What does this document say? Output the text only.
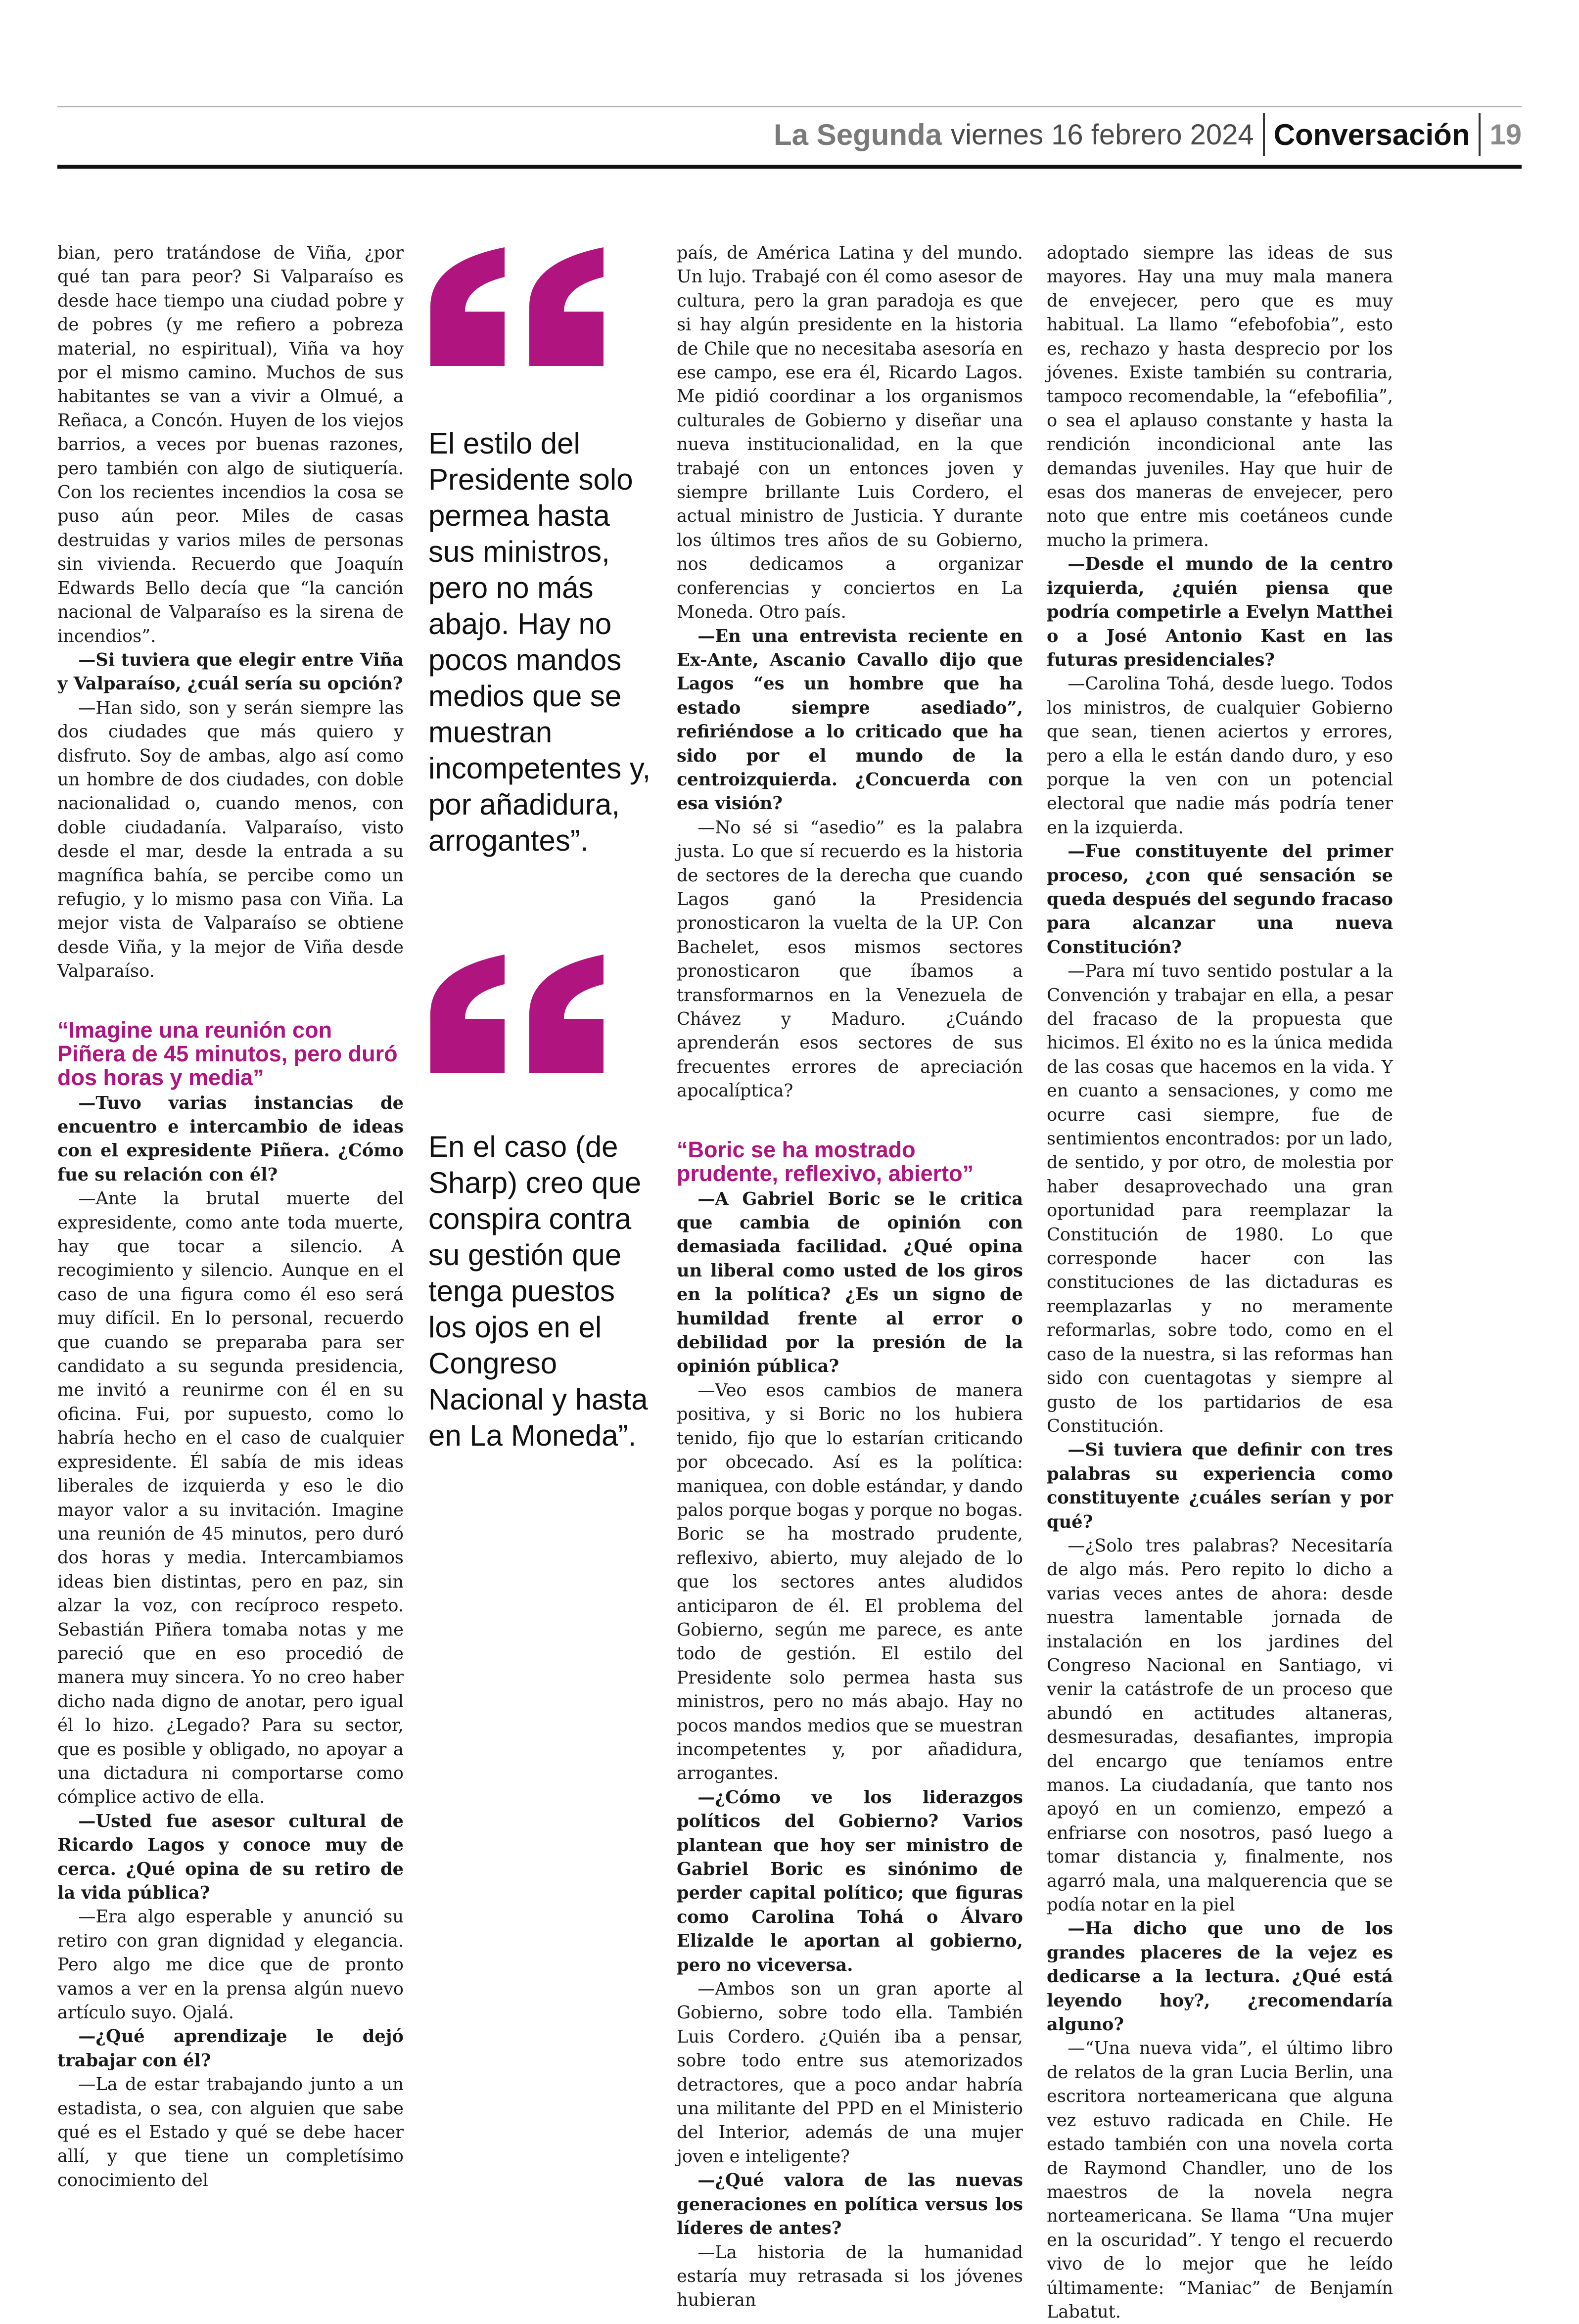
La Segunda viernes 16 febrero 2024 Conversación 19

bian, pero tratándose de Viña, ¿por qué tan para peor? Si Valparaíso es desde hace tiempo una ciudad pobre y de pobres (y me refiero a pobreza material, no espiritual), Viña va hoy por el mismo camino. Muchos de sus habitantes se van a vivir a Olmué, a Reñaca, a Concón. Huyen de los viejos barrios, a veces por buenas razones, pero también con algo de siutiquería. Con los recientes incendios la cosa se puso aún peor. Miles de casas destruidas y varios miles de personas sin vivienda. Recuerdo que Joaquín Edwards Bello decía que “la canción nacional de Valparaíso es la sirena de incendios”.

—Si tuviera que elegir entre Viña y Valparaíso, ¿cuál sería su opción?

—Han sido, son y serán siempre las dos ciudades que más quiero y disfruto. Soy de ambas, algo así como un hombre de dos ciudades, con doble nacionalidad o, cuando menos, con doble ciudadanía. Valparaíso, visto desde el mar, desde la entrada a su magnífica bahía, se percibe como un refugio, y lo mismo pasa con Viña. La mejor vista de Valparaíso se obtiene desde Viña, y la mejor de Viña desde Valparaíso.

“Imagine una reunión con Piñera de 45 minutos, pero duró dos horas y media”

—Tuvo varias instancias de encuentro e intercambio de ideas con el expresidente Piñera. ¿Cómo fue su relación con él?

—Ante la brutal muerte del expresidente, como ante toda muerte, hay que tocar a silencio. A recogimiento y silencio. Aunque en el caso de una figura como él eso será muy difícil. En lo personal, recuerdo que cuando se preparaba para ser candidato a su segunda presidencia, me invitó a reunirme con él en su oficina. Fui, por supuesto, como lo habría hecho en el caso de cualquier expresidente. Él sabía de mis ideas liberales de izquierda y eso le dio mayor valor a su invitación. Imagine una reunión de 45 minutos, pero duró dos horas y media. Intercambiamos ideas bien distintas, pero en paz, sin alzar la voz, con recíproco respeto. Sebastián Piñera tomaba notas y me pareció que en eso procedió de manera muy sincera. Yo no creo haber dicho nada digno de anotar, pero igual él lo hizo. ¿Legado? Para su sector, que es posible y obligado, no apoyar a una dictadura ni comportarse como cómplice activo de ella.

—Usted fue asesor cultural de Ricardo Lagos y conoce muy de cerca. ¿Qué opina de su retiro de la vida pública?

—Era algo esperable y anunció su retiro con gran dignidad y elegancia. Pero algo me dice que de pronto vamos a ver en la prensa algún nuevo artículo suyo. Ojalá.

—¿Qué aprendizaje le dejó trabajar con él?

—La de estar trabajando junto a un estadista, o sea, con alguien que sabe qué es el Estado y qué se debe hacer allí, y que tiene un completísimo conocimiento del

país, de América Latina y del mundo. Un lujo. Trabajé con él como asesor de cultura, pero la gran paradoja es que si hay algún presidente en la historia de Chile que no necesitaba asesoría en ese campo, ese era él, Ricardo Lagos. Me pidió coordinar a los organismos culturales de Gobierno y diseñar una nueva institucionalidad, en la que trabajé con un entonces joven y siempre brillante Luis Cordero, el actual ministro de Justicia. Y durante los últimos tres años de su Gobierno, nos dedicamos a organizar conferencias y conciertos en La Moneda. Otro país.

—En una entrevista reciente en Ex-Ante, Ascanio Cavallo dijo que Lagos “es un hombre que ha estado siempre asediado”, refiriéndose a lo criticado que ha sido por el mundo de la centroizquierda. ¿Concuerda con esa visión?

—No sé si “asedio” es la palabra justa. Lo que sí recuerdo es la historia de sectores de la derecha que cuando Lagos ganó la Presidencia pronosticaron la vuelta de la UP. Con Bachelet, esos mismos sectores pronosticaron que íbamos a transformarnos en la Venezuela de Chávez y Maduro. ¿Cuándo aprenderán esos sectores de sus frecuentes errores de apreciación apocalíptica?

“Boric se ha mostrado prudente, reflexivo, abierto”

—A Gabriel Boric se le critica que cambia de opinión con demasiada facilidad. ¿Qué opina un liberal como usted de los giros en la política? ¿Es un signo de humildad frente al error o debilidad por la presión de la opinión pública?

—Veo esos cambios de manera positiva, y si Boric no los hubiera tenido, fijo que lo estarían criticando por obcecado. Así es la política: maniquea, con doble estándar, y dando palos porque bogas y porque no bogas. Boric se ha mostrado prudente, reflexivo, abierto, muy alejado de lo que los sectores antes aludidos anticiparon de él. El problema del Gobierno, según me parece, es ante todo de gestión. El estilo del Presidente solo permea hasta sus ministros, pero no más abajo. Hay no pocos mandos medios que se muestran incompetentes y, por añadidura, arrogantes.

—¿Cómo ve los liderazgos políticos del Gobierno? Varios plantean que hoy ser ministro de Gabriel Boric es sinónimo de perder capital político; que figuras como Carolina Tohá o Álvaro Elizalde le aportan al gobierno, pero no viceversa.

—Ambos son un gran aporte al Gobierno, sobre todo ella. También Luis Cordero. ¿Quién iba a pensar, sobre todo entre sus atemorizados detractores, que a poco andar habría una militante del PPD en el Ministerio del Interior, además de una mujer joven e inteligente?

—¿Qué valora de las nuevas generaciones en política versus los líderes de antes?

—La historia de la humanidad estaría muy retrasada si los jóvenes hubieran

adoptado siempre las ideas de sus mayores. Hay una muy mala manera de envejecer, pero que es muy habitual. La llamo “efebofobia”, esto es, rechazo y hasta desprecio por los jóvenes. Existe también su contraria, tampoco recomendable, la “efebofilia”, o sea el aplauso constante y hasta la rendición incondicional ante las demandas juveniles. Hay que huir de esas dos maneras de envejecer, pero noto que entre mis coetáneos cunde mucho la primera.

—Desde el mundo de la centro izquierda, ¿quién piensa que podría competirle a Evelyn Matthei o a José Antonio Kast en las futuras presidenciales?

—Carolina Tohá, desde luego. Todos los ministros, de cualquier Gobierno que sean, tienen aciertos y errores, pero a ella le están dando duro, y eso porque la ven con un potencial electoral que nadie más podría tener en la izquierda.

—Fue constituyente del primer proceso, ¿con qué sensación se queda después del segundo fracaso para alcanzar una nueva Constitución?

—Para mí tuvo sentido postular a la Convención y trabajar en ella, a pesar del fracaso de la propuesta que hicimos. El éxito no es la única medida de las cosas que hacemos en la vida. Y en cuanto a sensaciones, y como me ocurre casi siempre, fue de sentimientos encontrados: por un lado, de sentido, y por otro, de molestia por haber desaprovechado una gran oportunidad para reemplazar la Constitución de 1980. Lo que corresponde hacer con las constituciones de las dictaduras es reemplazarlas y no meramente reformarlas, sobre todo, como en el caso de la nuestra, si las reformas han sido con cuentagotas y siempre al gusto de los partidarios de esa Constitución.

—Si tuviera que definir con tres palabras su experiencia como constituyente ¿cuáles serían y por qué?

—¿Solo tres palabras? Necesitaría de algo más. Pero repito lo dicho a varias veces antes de ahora: desde nuestra lamentable jornada de instalación en los jardines del Congreso Nacional en Santiago, vi venir la catástrofe de un proceso que abundó en actitudes altaneras, desmesuradas, desafiantes, impropia del encargo que teníamos entre manos. La ciudadanía, que tanto nos apoyó en un comienzo, empezó a enfriarse con nosotros, pasó luego a tomar distancia y, finalmente, nos agarró mala, una malquerencia que se podía notar en la piel

—Ha dicho que uno de los grandes placeres de la vejez es dedicarse a la lectura. ¿Qué está leyendo hoy?, ¿recomendaría alguno?

—“Una nueva vida”, el último libro de relatos de la gran Lucia Berlin, una escritora norteamericana que alguna vez estuvo radicada en Chile. He estado también con una novela corta de Raymond Chandler, uno de los maestros de la novela negra norteamericana. Se llama “Una mujer en la oscuridad”. Y tengo el recuerdo vivo de lo mejor que he leído últimamente: “Maniac” de Benjamín Labatut.

El estilo del Presidente solo permea hasta sus ministros, pero no más abajo. Hay no pocos mandos medios que se muestran incompetentes y, por añadidura, arrogantes”.
En el caso (de Sharp) creo que conspira contra su gestión que tenga puestos los ojos en el Congreso Nacional y hasta en La Moneda”.
